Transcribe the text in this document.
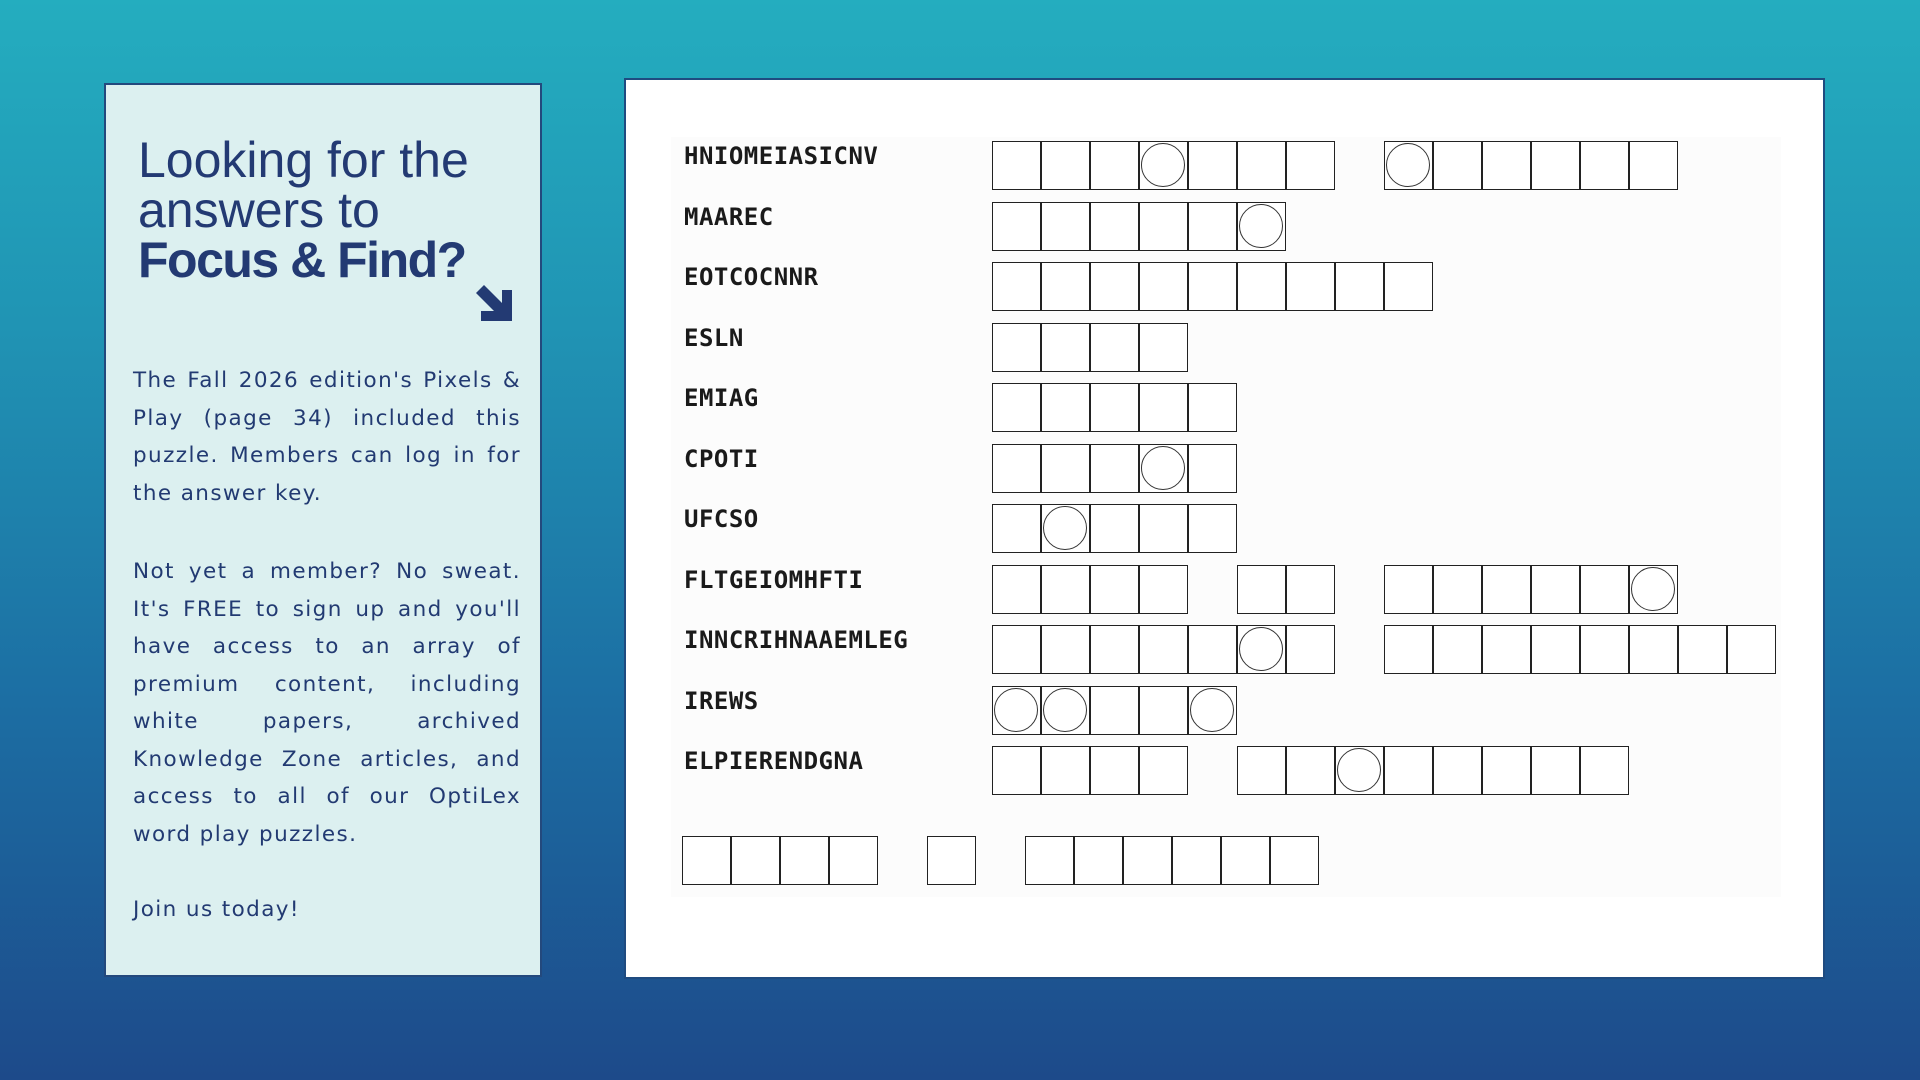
Looking for the
answers to
Focus & Find?

The Fall 2026 edition's Pixels & Play (page 34) included this puzzle. Members can log in for the answer key.

Not yet a member? No sweat. It's FREE to sign up and you'll have access to an array of premium content, including white papers, archived Knowledge Zone articles, and access to all of our OptiLex word play puzzles.

Join us today!

HNIOMEIASICNV
MAAREC
EOTCOCNNR
ESLN
EMIAG
CPOTI
UFCSO
FLTGEIOMHFTI
INNCRIHNAAEMLEG
IREWS
ELPIERENDGNA
